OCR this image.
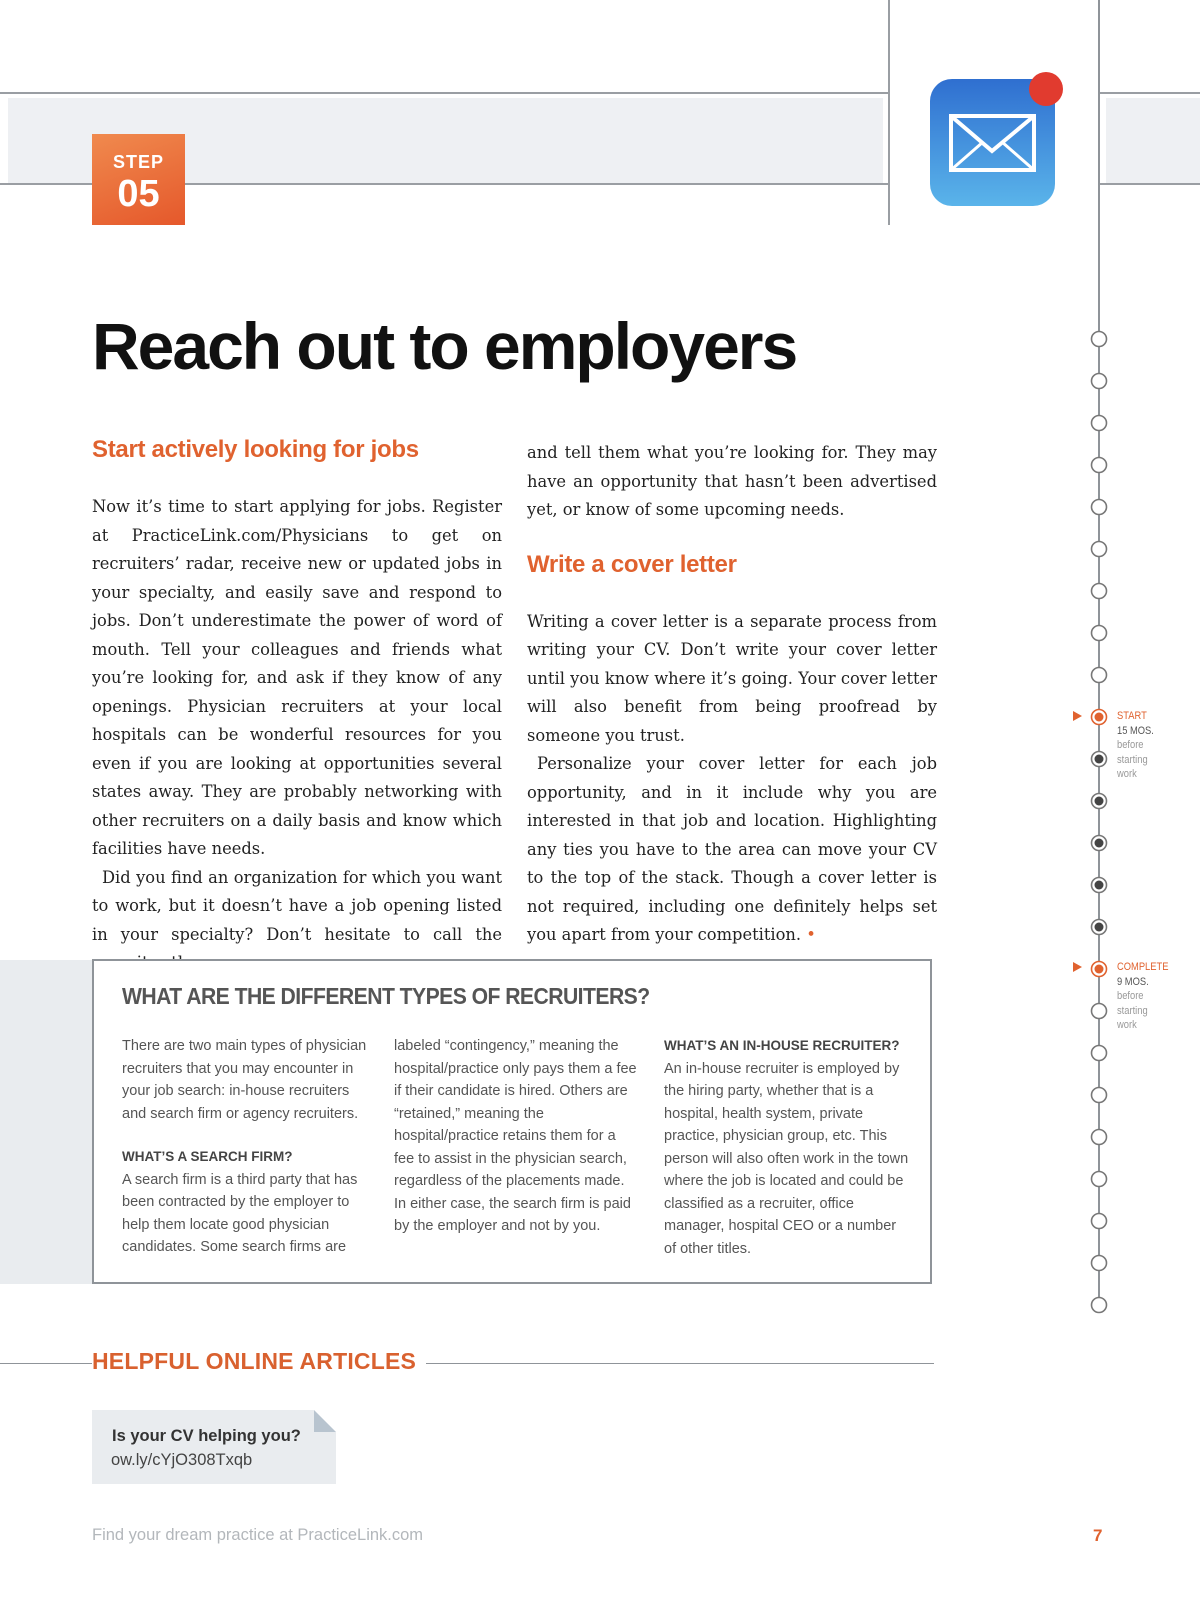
STEP
05
Reach out to employers
Start actively looking for jobs

Now it’s time to start applying for jobs. Register at PracticeLink.com/Physicians to get on recruiters’ radar, receive new or updated jobs in your specialty, and easily save and respond to jobs. Don’t underestimate the power of word of mouth. Tell your colleagues and friends what you’re looking for, and ask if they know of any openings. Physician recruiters at your local hospitals can be wonderful resources for you even if you are looking at opportunities several states away. They are probably networking with other recruiters on a daily basis and know which facilities have needs.

Did you find an organization for which you want to work, but it doesn’t have a job opening listed in your specialty? Don’t hesitate to call the

and tell them what you’re looking for. They may have an opportunity that hasn’t been advertised yet, or know of some upcoming needs.

Write a cover letter

Writing a cover letter is a separate process from writing your CV. Don’t write your cover letter until you know where it’s going. Your cover letter will also benefit from being proofread by someone you trust.

Personalize your cover letter for each job opportunity, and in it include why you are interested in that job and location. Highlighting any ties you have to the area can move your CV to the top of the stack. Though a cover letter is not required, including one definitely helps set you apart from your competition. •

WHAT ARE THE DIFFERENT TYPES OF RECRUITERS?

There are two main types of physician recruiters that you may encounter in your job search: in-house recruiters and search firm or agency recruiters.

WHAT’S A SEARCH FIRM?

A search firm is a third party that has been contracted by the employer to help them locate good physician candidates. Some search firms are

labeled “contingency,” meaning the hospital/practice only pays them a fee if their candidate is hired. Others are “retained,” meaning the hospital/practice retains them for a fee to assist in the physician search, regardless of the placements made. In either case, the search firm is paid by the employer and not by you.

WHAT’S AN IN-HOUSE RECRUITER?

An in-house recruiter is employed by the hiring party, whether that is a hospital, health system, private practice, physician group, etc. This person will also often work in the town where the job is located and could be classified as a recruiter, office manager, hospital CEO or a number of other titles.

HELPFUL ONLINE ARTICLES
Is your CV helping you?
ow.ly/cYjO308Txqb
Find your dream practice at PracticeLink.com	7
START
15 MOS.
before
starting
work
COMPLETE
9 MOS.
before
starting
work
